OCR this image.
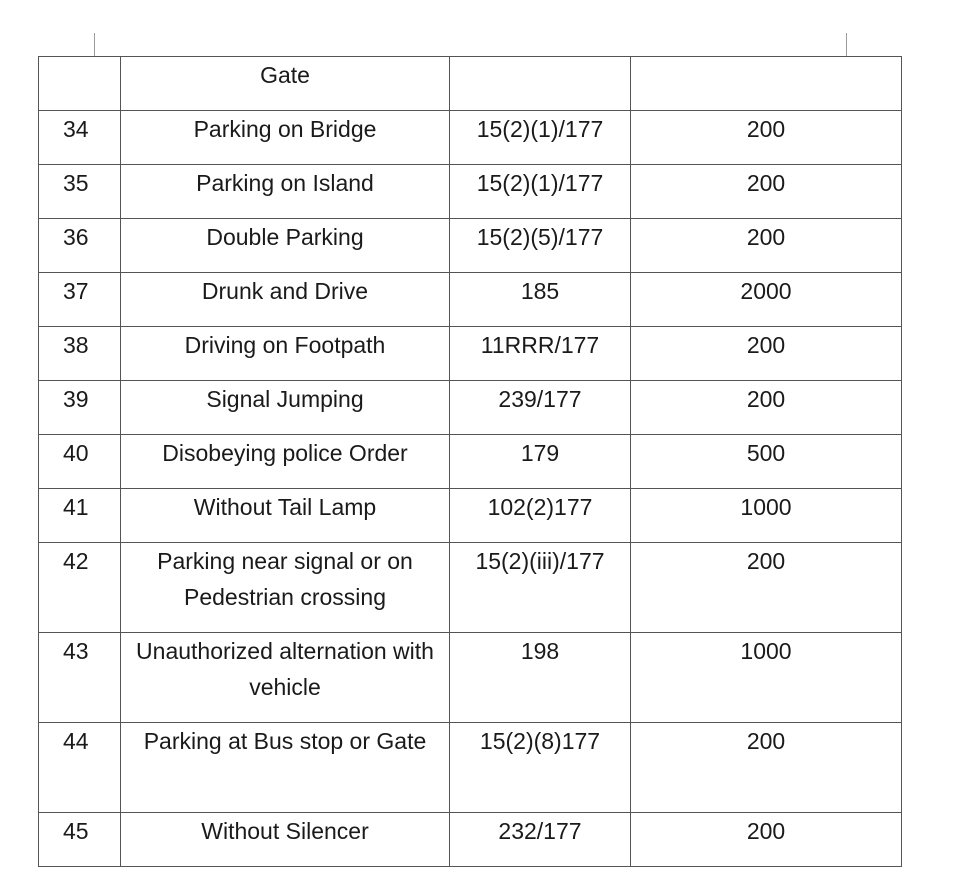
	Gate		

34	Parking on Bridge	15(2)(1)/177	200

35	Parking on Island	15(2)(1)/177	200

36	Double Parking	15(2)(5)/177	200

37	Drunk and Drive	185	2000

38	Driving on Footpath	11RRR/177	200

39	Signal Jumping	239/177	200

40	Disobeying police Order	179	500

41	Without Tail Lamp	102(2)177	1000

42	Parking near signal or on Pedestrian crossing	15(2)(iii)/177	200

43	Unauthorized alternation with vehicle	198	1000

44	Parking at Bus stop or Gate	15(2)(8)177	200

45	Without Silencer	232/177	200
